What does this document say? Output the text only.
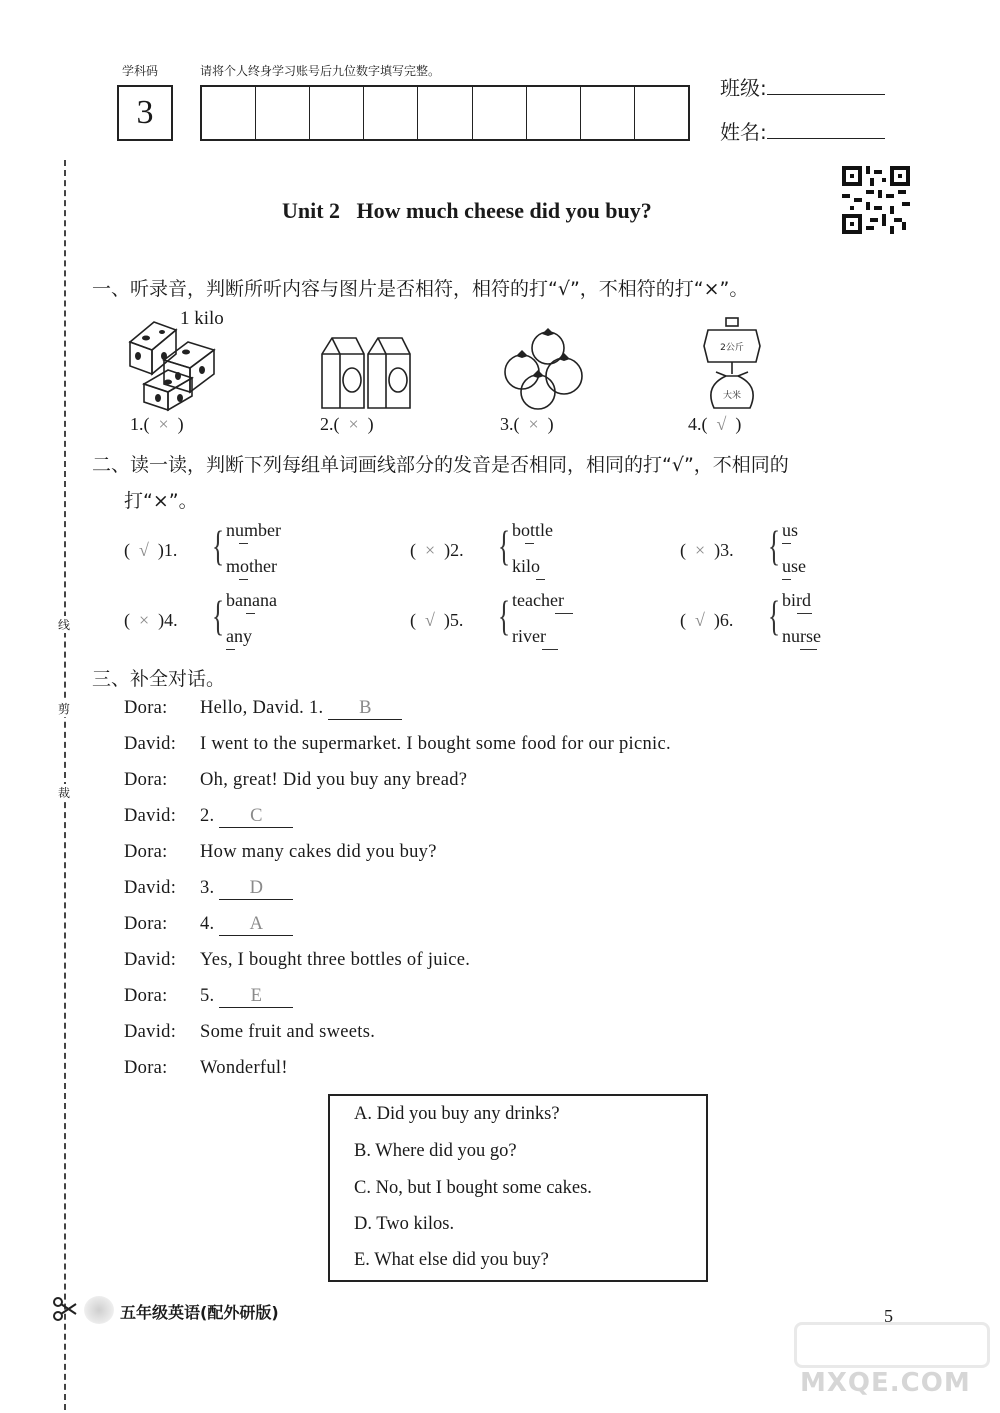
学科码	请将个人终身学习账号后九位数字填写完整。
3
班级:
姓名:
线
剪
裁
Unit 2   How much cheese did you buy?
一、听录音，判断所听内容与图片是否相符，相符的打“√”，不相符的打“×”。
1 kilo
2公斤
大米
1.(  ×  )	2.(  ×  )	3.(  ×  )	4.(  √  )
二、读一读，判断下列每组单词画线部分的发音是否相同，相同的打“√”，不相同的
打“×”。
(  √  )1. { number
mother
(  ×  )2. { bottle
kilo
(  ×  )3. { us
use
(  ×  )4. { banana
any
(  √  )5. { teacher
river
(  √  )6. { bird
nurse
三、补全对话。
Dora: Hello, David. 1. B
David: I went to the supermarket. I bought some food for our picnic.
Dora: Oh, great! Did you buy any bread?
David: 2. C
Dora: How many cakes did you buy?
David: 3. D
Dora: 4. A
David: Yes, I bought three bottles of juice.
Dora: 5. E
David: Some fruit and sweets.
Dora: Wonderful!
A. Did you buy any drinks?
B. Where did you go?
C. No, but I bought some cakes.
D. Two kilos.
E. What else did you buy?
五年级英语(配外研版)	5
MXQE.COM
